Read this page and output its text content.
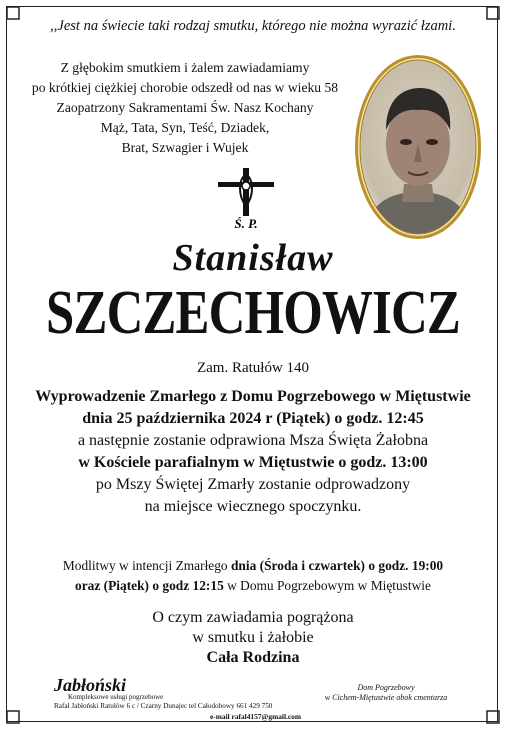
,,Jest na świecie taki rodzaj smutku, którego nie można wyrazić łzami.
Z głębokim smutkiem i żalem zawiadamiamy
po krótkiej ciężkiej chorobie odszedł od nas w wieku 58
Zaopatrzony Sakramentami Św. Nasz Kochany
Mąż, Tata, Syn, Teść, Dziadek,
Brat, Szwagier i Wujek
Ś. P.
Stanisław
SZCZECHOWICZ
Zam. Ratułów 140
Wyprowadzenie Zmarłego z Domu Pogrzebowego w Miętustwie
dnia 25 października 2024 r (Piątek) o godz. 12:45
a następnie zostanie odprawiona Msza Święta Żałobna
w Kościele parafialnym w Miętustwie o godz. 13:00
po Mszy Świętej Zmarły zostanie odprowadzony
na miejsce wiecznego spoczynku.
Modlitwy w intencji Zmarłego dnia (Środa i czwartek) o godz. 19:00
oraz (Piątek) o godz 12:15 w Domu Pogrzebowym w Miętustwie
O czym zawiadamia pogrążona
w smutku i żałobie
Cała Rodzina
Jabłoński
Kompleksowe usługi pogrzebowe
Rafał Jabłoński Ratułów 6 c / Czarny Dunajec tel Całodobowy 661 429 750
e-mail rafal4157@gmail.com
Dom Pogrzebowy
w Cichem-Miętustwie obok cmentarza
